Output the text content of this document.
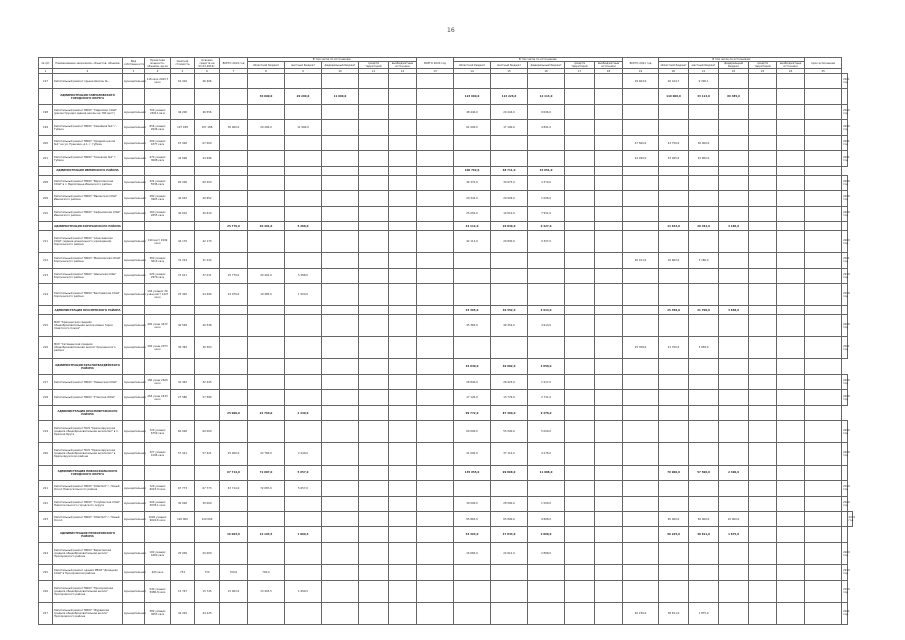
16
№ п/п	Наименование заказчиков, объектов, объемов	Вид собственности	Проектная мощность, объемов, ед.из	Сметная стоимость	Освоено средств на 01.01.2019г.	ВСЕГО 2019 год	В том числе по источникам:					ВСЕГО 2020 год	В том числе по источникам:					ВСЕГО 2021 год	В том числе по источникам:					Срок исполнения		
							областной бюджет	местный бюджет	федеральный бюджет	средств территорий	внебюджетные источники		областной бюджет	местный бюджет	федеральный бюджет	средств территорий	внебюджетные источники		областной бюджет	местный бюджет	федеральный бюджет	средств территорий	внебюджетные источники			
1	2	3	4	5	6	7	8	9	10	11	12	13	14	15	16	17	18	19	20	21	22	23	24	25		
197	Капитальный ремонт крыши Школы №...	муниципальная	116 кв.м 2043,7 кв.м	61 416	46 406													29 464,0	20 164,7	9 300,1					2021 год	
	АДМИНИСТРАЦИЯ ГАВРИЛОВСКОГО ГОРОДСКОГО ОКРУГА						30 000,0	20 200,0	11 900,0				123 600,0	114 226,0	12 114,0				110 000,0	43 114,0	66 485,0					
198	Капитальный ремонт МБОУ "Гаврилово СОШ" (реконструкция здания школы на 700 мест)	муниципальная	700 учащих 23611 кв.м	46 200	46 556								48 440,0	20 444,0	9 006,0										2020 год	
199	Капитальный ремонт МБОУ "Семейная №1" г. Губкин	муниципальная	656 учащих 2946 кв.м	107 188	107 188	30 000,0	20 200,0	11 900,0					61 000,0	17 190,0	4 891,0										2020 год	
200	Капитальный ремонт МБОУ "Средняя школа №1" на ул. Пушкина, д.1, г. Губкин	муниципальная	400 учащих 4377 кв.м	67 000	67 000													47 560,0	43 750,0	36 000,0					2021 год	
201	Капитальный ремонт МБОУ "Гимназия №2" г. Губкин	муниципальная	470 учащих 3608 кв.м	44 696	44 696													44 490,0	33 465,0	22 800,0					2021 год	
	АДМИНИСТРАЦИЯ ИВНЯНСКОГО РАЙОНА												100 762,0	68 711,0	34 051,0											
208	Капитальный ремонт МБОУ "Верхопенская СОШ" в с. Верхопенье Ивнянского района	муниципальная	324 учащих 5536 кв.м	60 200	60 200								46 370,0	30 675,0	4 370,0										2020 год	
209	Капитальный ремонт МБОУ "Ивнянская СОШ" Ивнянского района	муниципальная	280 учащих 3903 кв.м	40 652	40 652								29 342,0	20 026,0	1 006,0										2020 год	
210	Капитальный ремонт МБОУ "Сафоновская СОШ" Ивнянского района	муниципальная	160 учащих 2655 кв.м	40 610	40 610								25 050,0	19 010,0	7 951,0										2020 год	
	АДМИНИСТРАЦИЯ КОРОЧАНСКОГО РАЙОНА					25 779,0	20 491,0	5 288,0					42 112,0	29 830,0	9 327,0				14 633,0	20 452,0	3 186,0					
211	Капитальный ремонт МБОУ "Алексеевская СОШ" (здание дошкольного учреждения) Корочанского района	муниципальная	140 мест 1949 кв.м	42 170	42 170								42 112,0	29 830,0	9 327,0										2020 год	
212	Капитальный ремонт МБОУ "Мелиховская ООШ" Корочанского района	муниципальная	360 учащих 3619 кв.м	31 224	31 224													20 101,0	16 662,0	3 186,0					2021 год	
213	Капитальный ремонт МБОУ "Шеинская СОШ" Корочанского района	муниципальная	220 учащих 2970 кв.м	37 011	37 011	25 779,0	20 491,0	5 288,0																	2019 год	
214	Капитальный ремонт МБОУ "Бехтеевская СОШ" Корочанского района	муниципальная	104 учащих 36 учащ мест 1427 кв.м	25 420	24 490	24 079,0	19 485,0	1 500,0																	2019 год	
	АДМИНИСТРАЦИЯ КРАСНЕНСКОГО РАЙОНА												45 365,0	40 452,0	4 913,0				25 358,0	21 700,0	3 658,0					
215	МОУ "Красненская средняя общеобразовательная школа имени Героя Советского Союза"	муниципальная	400 учащ 4472 кв.м	40 548	40 548								45 365,0	40 452,0	4 913,0										2020 год	
216	МОУ "Сетищенская средняя общеобразовательная школа" Красненского района	муниципальная	200 учащ 2073 кв.м	30 363	30 363													25 358,0	21 700,0	3 658,0					2021 год	
	АДМИНИСТРАЦИЯ КРАСНОГВАРДЕЙСКОГО РАЙОНА												45 040,0	40 982,0	4 058,0											
217	Капитальный ремонт МБОУ "Ливенская СОШ"	муниципальная	180 учащ 2620 кв.м	32 445	32 445								28 840,0	26 923,0	1 917,0										2020 год	
218	Капитальный ремонт МБОУ "Утянская ООШ"	муниципальная	264 учащ 2433 кв.м	27 580	27 580								17 120,0	13 779,0	2 731,0										2020 год	
	АДМИНИСТРАЦИЯ КРАСНОЯРУЖСКОГО РАЙОНА					25 000,0	22 760,0	2 240,0					99 772,0	87 360,0	9 478,0											
219	Капитальный ремонт МОУ "Краснояружская средняя общеобразовательная школа №2" в п. Красная Яруга	муниципальная	720 учащих 6759 кв.м	60 000	60 000								60 000,0	55 000,0	5 000,0										2020 год	
220	Капитальный ремонт МОУ "Краснояружская средняя общеобразовательная школа №1" в Краснояружском районе	муниципальная	327 учащих 4196 кв.м	57 421	57 421	25 000,0	22 760,0	2 240,0					41 000,0	37 112,0	4 276,0										2020 год	
	АДМИНИСТРАЦИЯ НОВООСКОЛЬСКОГО ГОРОДСКОГО ОКРУГА					67 714,0	72 087,0	5 657,0					135 055,0	99 868,0	11 988,0				79 900,0	57 500,0	2 400,0					
221	Капитальный ремонт МБОУ "СОШ №4" г. Новый Оскол Новооскольского района	муниципальная	720 учащих 6023,9 кв.м	67 773	67 773	67 714,0	72 087,0	5 657,0																	2019 год	
222	Капитальный ремонт МБОУ "Голубинская СОШ" Новооскольского городского округа	муниципальная	200 учащих 3078,1 кв.м	30 000	30 000								30 000,0	28 500,0	1 500,0										2020 год	
223	Капитальный ремонт МБОУ "СОШ №3" г. Новый Оскол	муниципальная	1000 учащих 9024,6 кв.м	120 000	120 000								95 865,0	65 890,0	9 868,0				65 000,0	50 000,0	10 000,0					2021 год
	АДМИНИСТРАЦИЯ ПРОХОРОВСКОГО РАЙОНА					16 003,0	14 103,5	1 899,5					54 363,0	47 043,0	2 868,0				50 225,0	38 811,0	1 875,0					
224	Капитальный ремонт МБОУ "Береговская средняя общеобразовательная школа" Прохоровского района	муниципальная	100 учащих 1660 кв.м	20 000	20 000								16 660,0	22 612,0	2 868,0										2020 год	
225	Капитальный ремонт здания МБОУ "Донецкая СОШ" в Прохоровском районе	муниципальная	405 кв.м	734	734	700,0	700,0																		2019 год	
226	Капитальный ремонт МБОУ "Прохоровская средняя общеобразовательная школа" Прохоровского района	муниципальная	540 учащих 5980,8 кв.м	15 747	15 745	15 003,0	13 403,5	1 899,5																	2019 год	
227	Капитальный ремонт МБОУ "Журавская средняя общеобразовательная школа" Прохоровского района	муниципальная	380 учащих 3653 кв.м	44 225	44 225													40 236,0	38 811,0	1 875,0					2021 год	
